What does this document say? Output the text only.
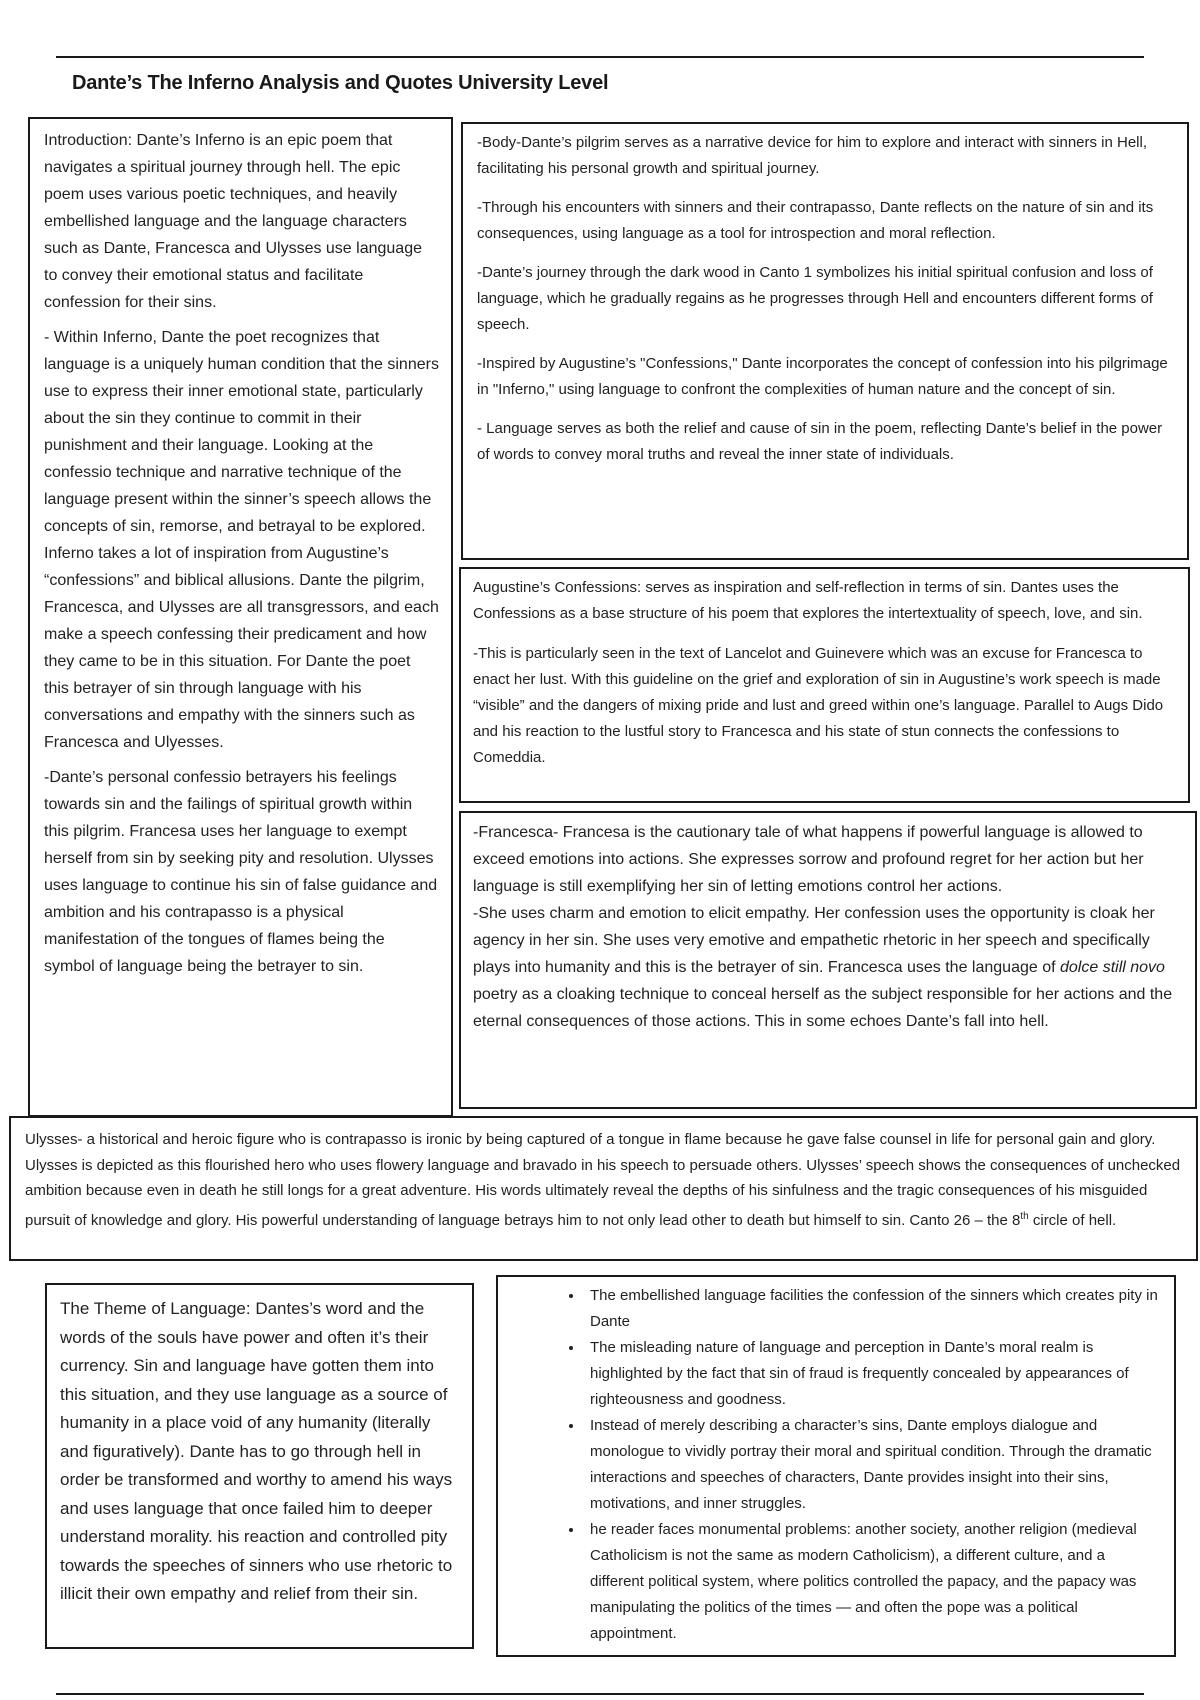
Dante’s The Inferno Analysis and Quotes University Level

Introduction: Dante’s Inferno is an epic poem that navigates a spiritual journey through hell. The epic poem uses various poetic techniques, and heavily embellished language and the language characters such as Dante, Francesca and Ulysses use language to convey their emotional status and facilitate confession for their sins.

- Within Inferno, Dante the poet recognizes that language is a uniquely human condition that the sinners use to express their inner emotional state, particularly about the sin they continue to commit in their punishment and their language. Looking at the confessio technique and narrative technique of the language present within the sinner’s speech allows the concepts of sin, remorse, and betrayal to be explored. Inferno takes a lot of inspiration from Augustine’s “confessions” and biblical allusions. Dante the pilgrim, Francesca, and Ulysses are all transgressors, and each make a speech confessing their predicament and how they came to be in this situation. For Dante the poet this betrayer of sin through language with his conversations and empathy with the sinners such as Francesca and Ulyesses.

-Dante’s personal confessio betrayers his feelings towards sin and the failings of spiritual growth within this pilgrim. Francesa uses her language to exempt herself from sin by seeking pity and resolution. Ulysses uses language to continue his sin of false guidance and ambition and his contrapasso is a physical manifestation of the tongues of flames being the symbol of language being the betrayer to sin.

-Body-Dante’s pilgrim serves as a narrative device for him to explore and interact with sinners in Hell, facilitating his personal growth and spiritual journey.

-Through his encounters with sinners and their contrapasso, Dante reflects on the nature of sin and its consequences, using language as a tool for introspection and moral reflection.

-Dante’s journey through the dark wood in Canto 1 symbolizes his initial spiritual confusion and loss of language, which he gradually regains as he progresses through Hell and encounters different forms of speech.

-Inspired by Augustine’s "Confessions," Dante incorporates the concept of confession into his pilgrimage in "Inferno," using language to confront the complexities of human nature and the concept of sin.

- Language serves as both the relief and cause of sin in the poem, reflecting Dante’s belief in the power of words to convey moral truths and reveal the inner state of individuals.

Augustine’s Confessions: serves as inspiration and self-reflection in terms of sin. Dantes uses the Confessions as a base structure of his poem that explores the intertextuality of speech, love, and sin.

-This is particularly seen in the text of Lancelot and Guinevere which was an excuse for Francesca to enact her lust. With this guideline on the grief and exploration of sin in Augustine’s work speech is made “visible” and the dangers of mixing pride and lust and greed within one’s language. Parallel to Augs Dido and his reaction to the lustful story to Francesca and his state of stun connects the confessions to Comeddia.

-Francesca- Francesa is the cautionary tale of what happens if powerful language is allowed to exceed emotions into actions. She expresses sorrow and profound regret for her action but her language is still exemplifying her sin of letting emotions control her actions.

-She uses charm and emotion to elicit empathy. Her confession uses the opportunity is cloak her agency in her sin. She uses very emotive and empathetic rhetoric in her speech and specifically plays into humanity and this is the betrayer of sin. Francesca uses the language of dolce still novo poetry as a cloaking technique to conceal herself as the subject responsible for her actions and the eternal consequences of those actions. This in some echoes Dante’s fall into hell.

Ulysses- a historical and heroic figure who is contrapasso is ironic by being captured of a tongue in flame because he gave false counsel in life for personal gain and glory. Ulysses is depicted as this flourished hero who uses flowery language and bravado in his speech to persuade others. Ulysses’ speech shows the consequences of unchecked ambition because even in death he still longs for a great adventure. His words ultimately reveal the depths of his sinfulness and the tragic consequences of his misguided pursuit of knowledge and glory. His powerful understanding of language betrays him to not only lead other to death but himself to sin. Canto 26 – the 8th circle of hell.

The Theme of Language: Dantes’s word and the words of the souls have power and often it’s their currency. Sin and language have gotten them into this situation, and they use language as a source of humanity in a place void of any humanity (literally and figuratively). Dante has to go through hell in order be transformed and worthy to amend his ways and uses language that once failed him to deeper understand morality. his reaction and controlled pity towards the speeches of sinners who use rhetoric to illicit their own empathy and relief from their sin.

• The embellished language facilities the confession of the sinners which creates pity in Dante
• The misleading nature of language and perception in Dante’s moral realm is highlighted by the fact that sin of fraud is frequently concealed by appearances of righteousness and goodness.
• Instead of merely describing a character’s sins, Dante employs dialogue and monologue to vividly portray their moral and spiritual condition. Through the dramatic interactions and speeches of characters, Dante provides insight into their sins, motivations, and inner struggles.
• he reader faces monumental problems: another society, another religion (medieval Catholicism is not the same as modern Catholicism), a different culture, and a different political system, where politics controlled the papacy, and the papacy was manipulating the politics of the times — and often the pope was a political appointment.
